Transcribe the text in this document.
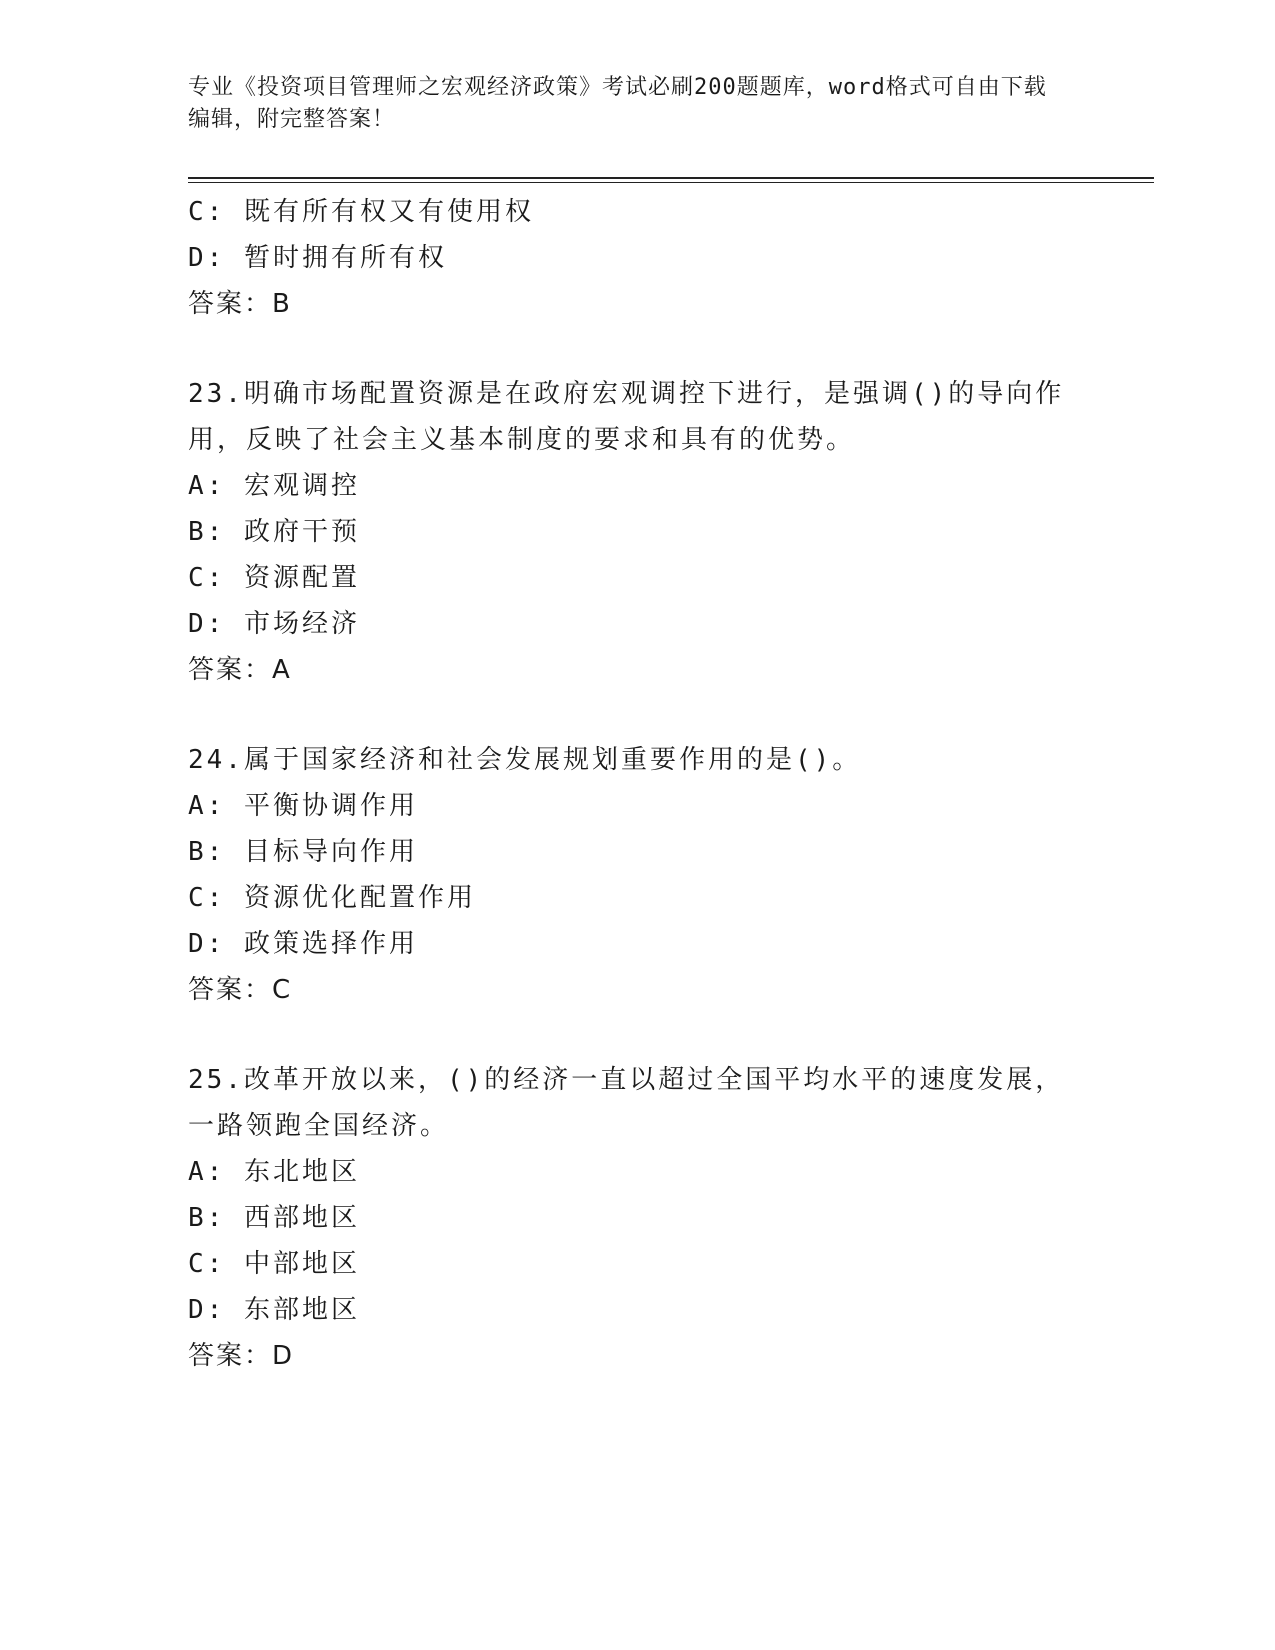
专业《投资项目管理师之宏观经济政策》考试必刷200题题库，word格式可自由下载编辑，附完整答案！
C: 既有所有权又有使用权
D: 暂时拥有所有权
答案：B
23.明确市场配置资源是在政府宏观调控下进行，是强调()的导向作用，反映了社会主义基本制度的要求和具有的优势。
A: 宏观调控
B: 政府干预
C: 资源配置
D: 市场经济
答案：A
24.属于国家经济和社会发展规划重要作用的是()。
A: 平衡协调作用
B: 目标导向作用
C: 资源优化配置作用
D: 政策选择作用
答案：C
25.改革开放以来，()的经济一直以超过全国平均水平的速度发展，一路领跑全国经济。
A: 东北地区
B: 西部地区
C: 中部地区
D: 东部地区
答案：D
